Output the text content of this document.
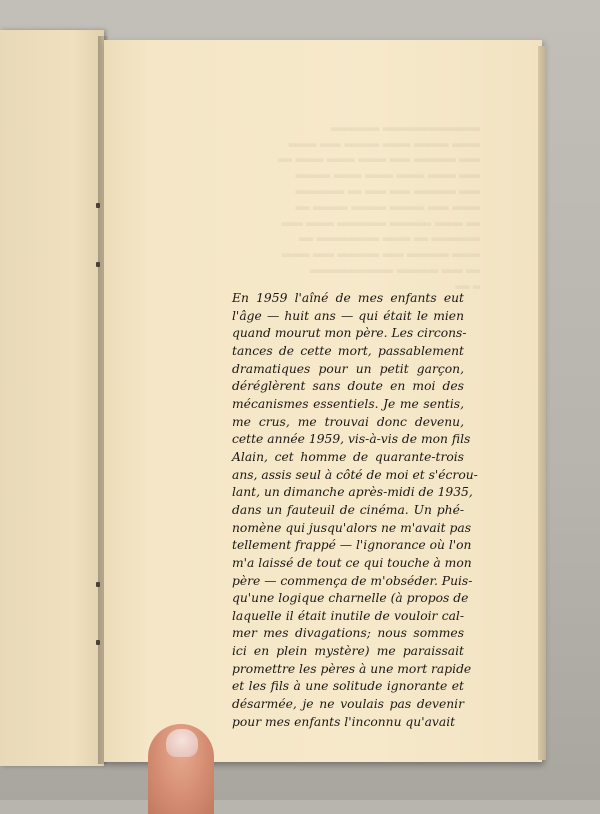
══════════════ ═══════
════ ═════ ════ ═════ ═══ ════
═══ ══════ ═══ ════ ════ ════ ══
═══ ════ ════ ════ ════ ═════
═══ ══════ ═══ ═══ ══ ═══════
════ ═══ ═════ ═════ ═════ ══
══ ════ ══════ ═══════ ════ ═══
═══════ ══ ════ ═════════ ══
════ ══════ ═══ ══════ ═══ ════
══ ═══ ══════ ════════════
═ ══
En 1959 l'aîné de mes enfants eut
l'âge — huit ans — qui était le mien
quand mourut mon père. Les circons-
tances de cette mort, passablement
dramatiques pour un petit garçon,
déréglèrent sans doute en moi des
mécanismes essentiels. Je me sentis,
me crus, me trouvai donc devenu,
cette année 1959, vis-à-vis de mon fils
Alain, cet homme de quarante-trois
ans, assis seul à côté de moi et s'écrou-
lant, un dimanche après-midi de 1935,
dans un fauteuil de cinéma. Un phé-
nomène qui jusqu'alors ne m'avait pas
tellement frappé — l'ignorance où l'on
m'a laissé de tout ce qui touche à mon
père — commença de m'obséder. Puis-
qu'une logique charnelle (à propos de
laquelle il était inutile de vouloir cal-
mer mes divagations; nous sommes
ici en plein mystère) me paraissait
promettre les pères à une mort rapide
et les fils à une solitude ignorante et
désarmée, je ne voulais pas devenir
pour mes enfants l'inconnu qu'avait
